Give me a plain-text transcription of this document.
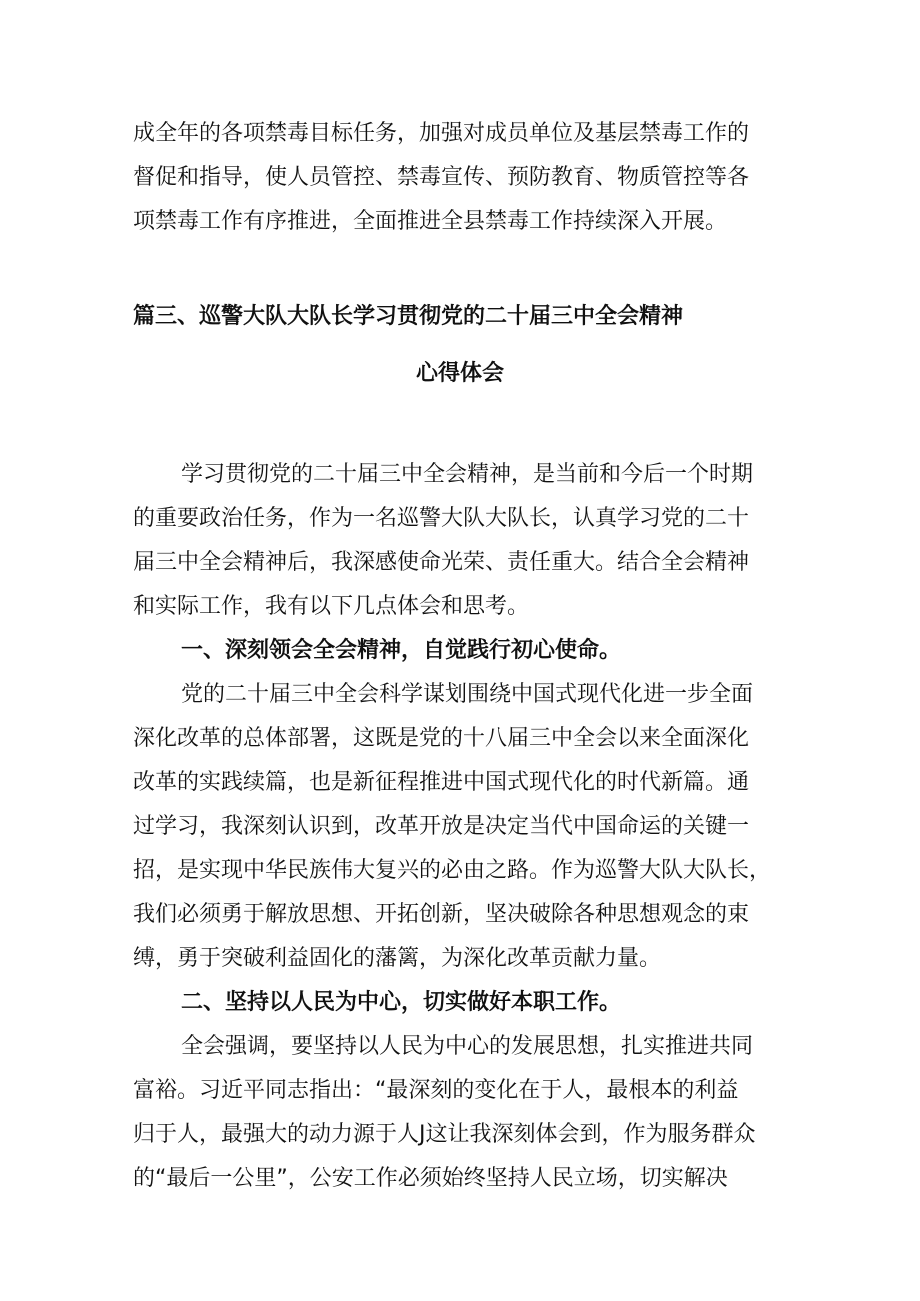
成全年的各项禁毒目标任务，加强对成员单位及基层禁毒工作的
督促和指导，使人员管控、禁毒宣传、预防教育、物质管控等各
项禁毒工作有序推进，全面推进全县禁毒工作持续深入开展。
篇三、巡警大队大队长学习贯彻党的二十届三中全会精神
心得体会
学习贯彻党的二十届三中全会精神，是当前和今后一个时期
的重要政治任务，作为一名巡警大队大队长，认真学习党的二十
届三中全会精神后，我深感使命光荣、责任重大。结合全会精神
和实际工作，我有以下几点体会和思考。
一、深刻领会全会精神，自觉践行初心使命。
党的二十届三中全会科学谋划围绕中国式现代化进一步全面
深化改革的总体部署，这既是党的十八届三中全会以来全面深化
改革的实践续篇，也是新征程推进中国式现代化的时代新篇。通
过学习，我深刻认识到，改革开放是决定当代中国命运的关键一
招，是实现中华民族伟大复兴的必由之路。作为巡警大队大队长，
我们必须勇于解放思想、开拓创新，坚决破除各种思想观念的束
缚，勇于突破利益固化的藩篱，为深化改革贡献力量。
二、坚持以人民为中心，切实做好本职工作。
全会强调，要坚持以人民为中心的发展思想，扎实推进共同
富裕。习近平同志指出：“最深刻的变化在于人，最根本的利益
归于人，最强大的动力源于人J这让我深刻体会到，作为服务群众
的“最后一公里”，公安工作必须始终坚持人民立场，切实解决
